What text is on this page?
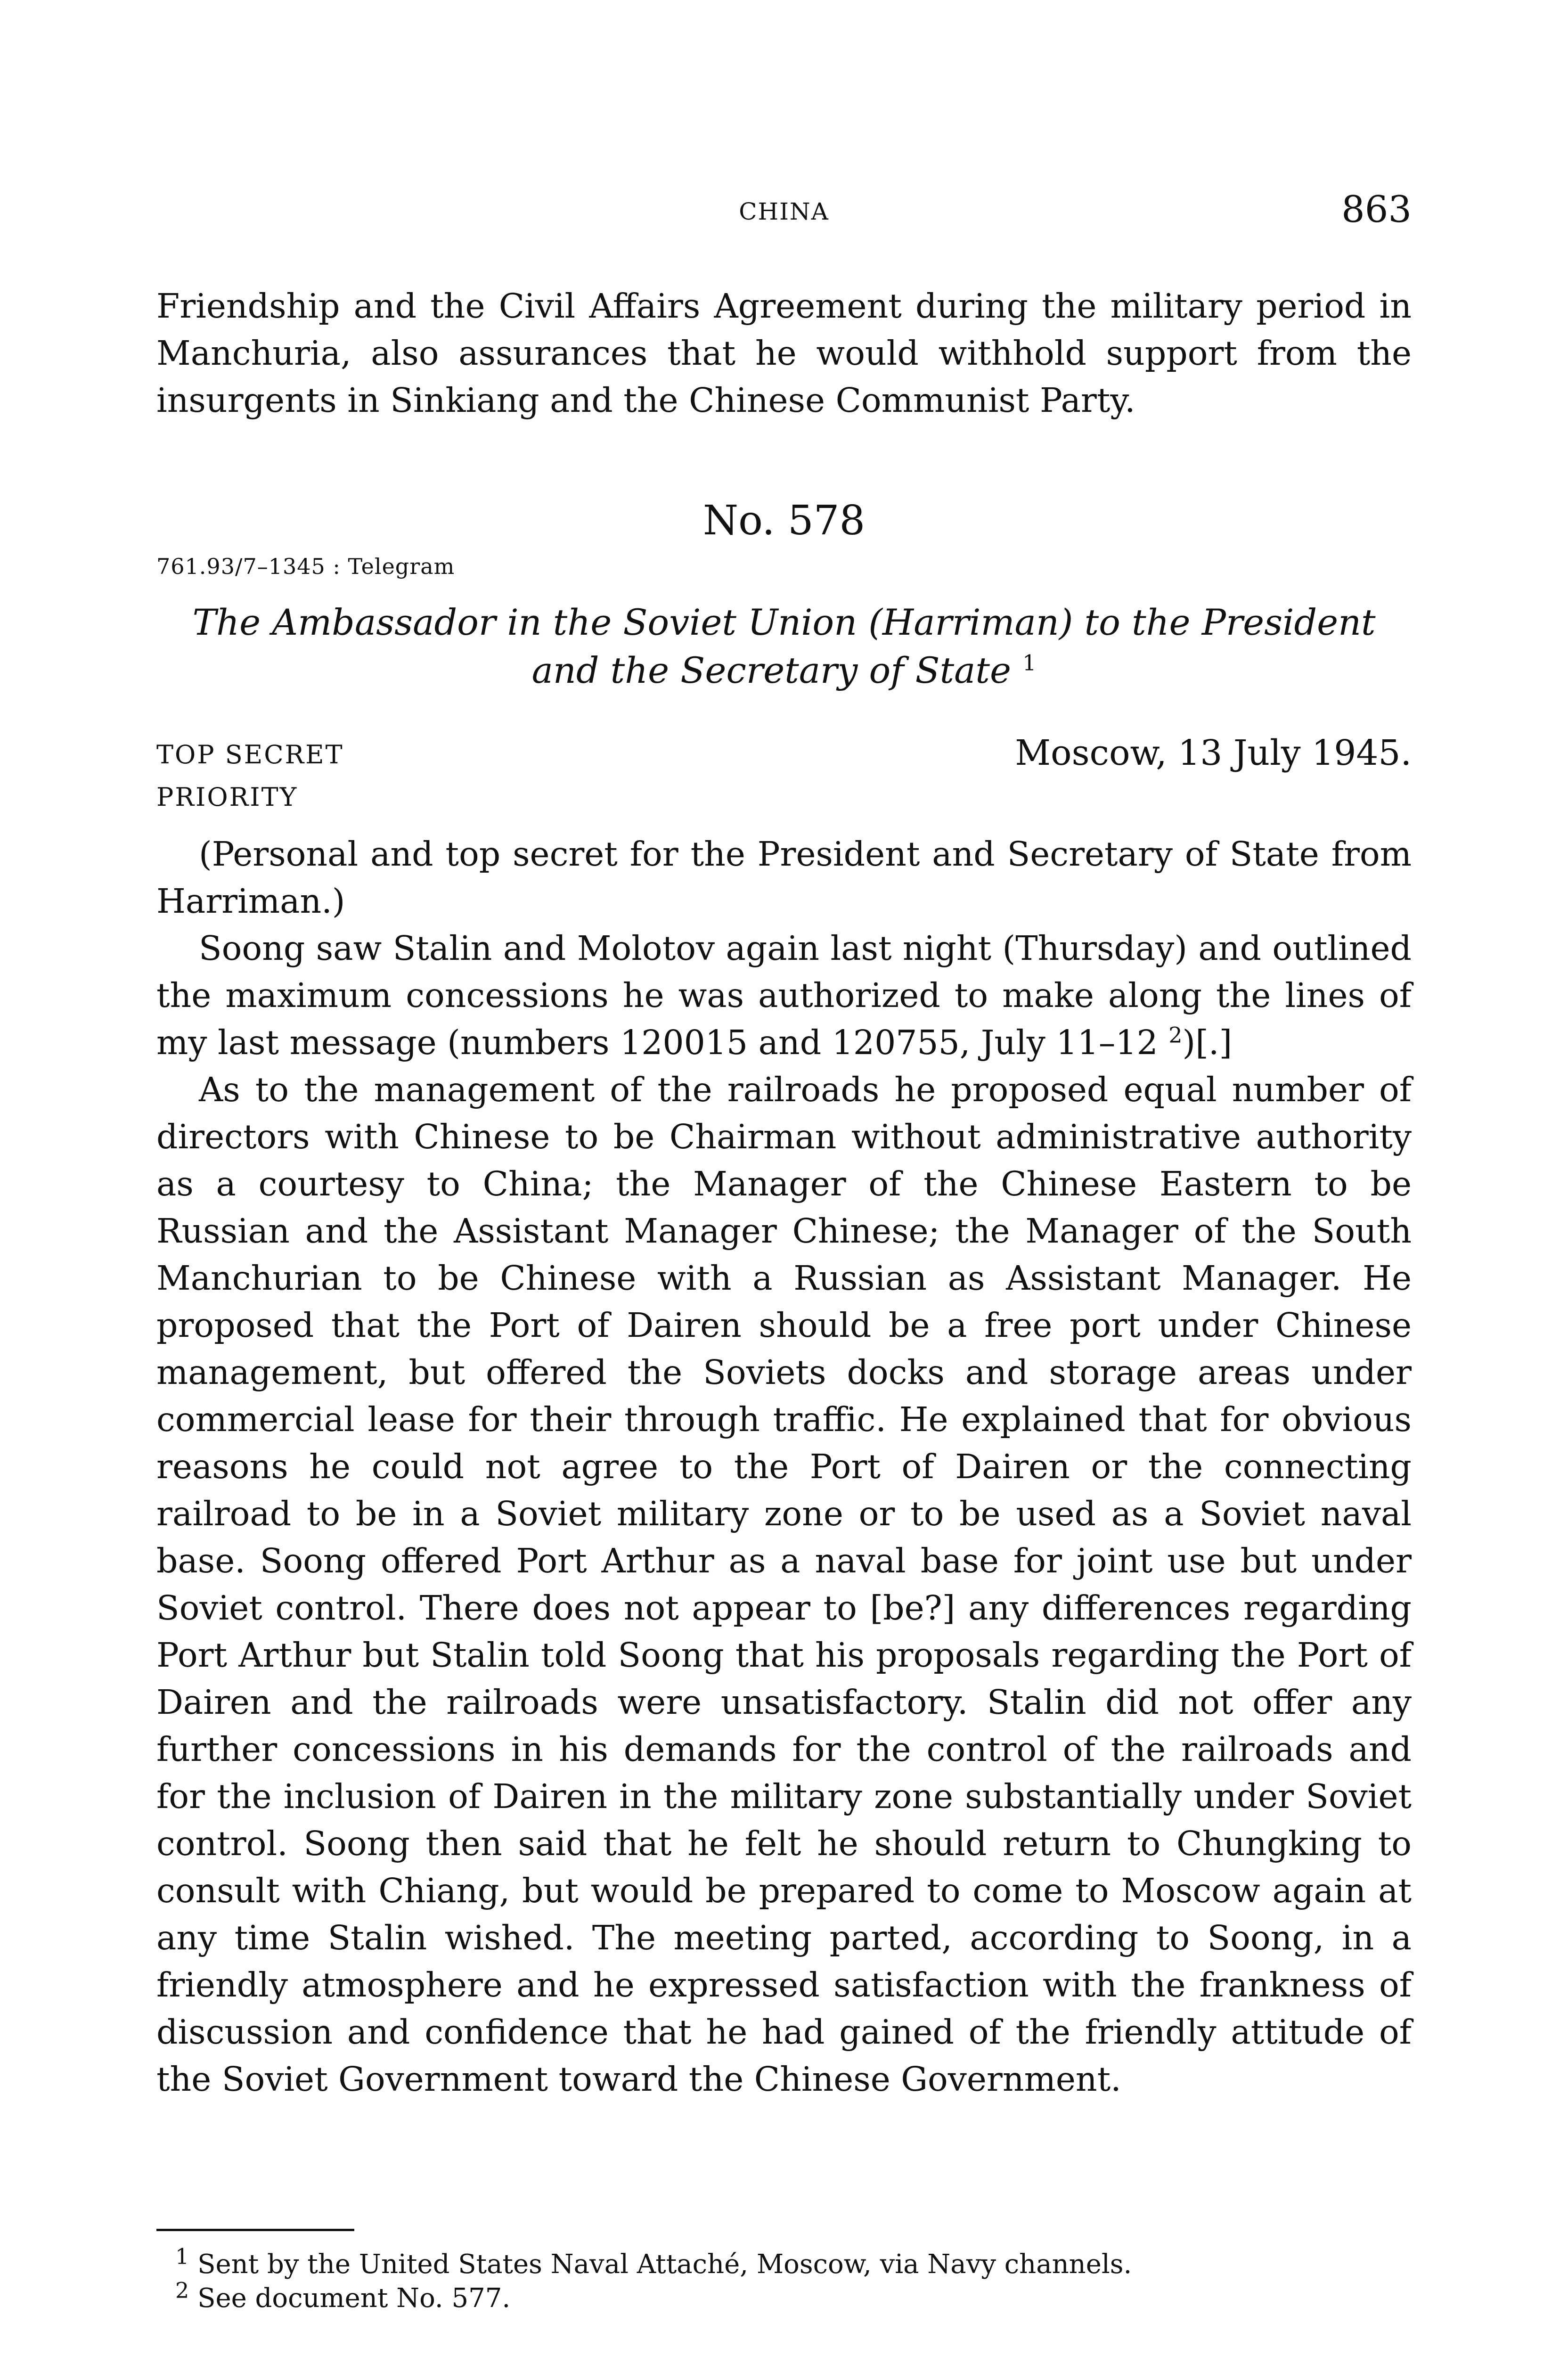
CHINA	863
Friendship and the Civil Affairs Agreement during the military period in Manchuria, also assurances that he would withhold support from the insurgents in Sinkiang and the Chinese Communist Party.
No. 578
761.93/7–1345 : Telegram
The Ambassador in the Soviet Union (Harriman) to the President and the Secretary of State $^1$
TOP SECRET
PRIORITY
Moscow, 13 July 1945.

(Personal and top secret for the President and Secretary of State from Harriman.)

Soong saw Stalin and Molotov again last night (Thursday) and outlined the maximum concessions he was authorized to make along the lines of my last message (numbers 120015 and 120755, July 11–12 $^2$)[.]

As to the management of the railroads he proposed equal number of directors with Chinese to be Chairman without administrative authority as a courtesy to China; the Manager of the Chinese Eastern to be Russian and the Assistant Manager Chinese; the Manager of the South Manchurian to be Chinese with a Russian as Assistant Manager. He proposed that the Port of Dairen should be a free port under Chinese management, but offered the Soviets docks and storage areas under commercial lease for their through traffic. He explained that for obvious reasons he could not agree to the Port of Dairen or the connecting railroad to be in a Soviet military zone or to be used as a Soviet naval base. Soong offered Port Arthur as a naval base for joint use but under Soviet control. There does not appear to [be?] any differences regarding Port Arthur but Stalin told Soong that his proposals regarding the Port of Dairen and the railroads were unsatisfactory. Stalin did not offer any further concessions in his demands for the control of the railroads and for the inclusion of Dairen in the military zone substantially under Soviet control. Soong then said that he felt he should return to Chungking to consult with Chiang, but would be prepared to come to Moscow again at any time Stalin wished. The meeting parted, according to Soong, in a friendly atmosphere and he expressed satisfaction with the frankness of discussion and confidence that he had gained of the friendly attitude of the Soviet Government toward the Chinese Government.

$^1$ Sent by the United States Naval Attaché, Moscow, via Navy channels.
$^2$ See document No. 577.
